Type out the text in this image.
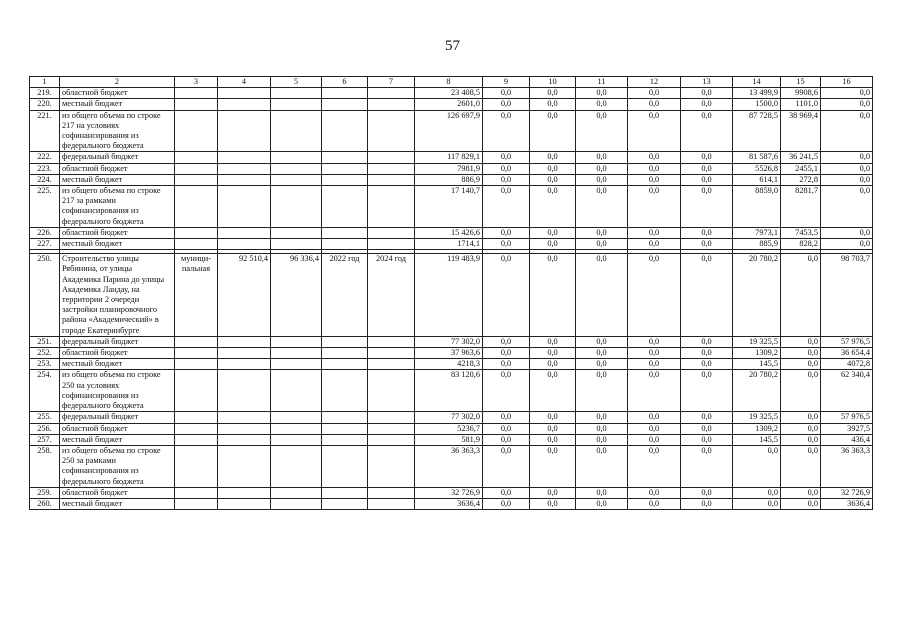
57
1	2	3	4	5	6	7	8	9	10	11	12	13	14	15	16
219.	областной бюджет						23 408,5	0,0	0,0	0,0	0,0	0,0	13 499,9	9908,6	0,0
220.	местный бюджет						2601,0	0,0	0,0	0,0	0,0	0,0	1500,0	1101,0	0,0
221.	из общего объема по строке 217 на условиях софинансирования из федерального бюджета						126 697,9	0,0	0,0	0,0	0,0	0,0	87 728,5	38 969,4	0,0
222.	федеральный бюджет						117 829,1	0,0	0,0	0,0	0,0	0,0	81 587,6	36 241,5	0,0
223.	областной бюджет						7981,9	0,0	0,0	0,0	0,0	0,0	5526,8	2455,1	0,0
224.	местный бюджет						886,9	0,0	0,0	0,0	0,0	0,0	614,1	272,8	0,0
225.	из общего объема по строке 217 за рамками софинансирования из федерального бюджета						17 140,7	0,0	0,0	0,0	0,0	0,0	8859,0	8281,7	0,0
226.	областной бюджет						15 426,6	0,0	0,0	0,0	0,0	0,0	7973,1	7453,5	0,0
227.	местный бюджет						1714,1	0,0	0,0	0,0	0,0	0,0	885,9	828,2	0,0

250.	Строительство улицы Рябинина, от улицы Академика Парина до улицы Академика Ландау, на территории 2 очереди застройки планировочного района «Академический» в городе Екатеринбурге	муници-пальная	92 510,4	96 336,4	2022 год	2024 год	119 483,9	0,0	0,0	0,0	0,0	0,0	20 780,2	0,0	98 703,7
251.	федеральный бюджет						77 302,0	0,0	0,0	0,0	0,0	0,0	19 325,5	0,0	57 976,5
252.	областной бюджет						37 963,6	0,0	0,0	0,0	0,0	0,0	1309,2	0,0	36 654,4
253.	местный бюджет						4218,3	0,0	0,0	0,0	0,0	0,0	145,5	0,0	4072,8
254.	из общего объема по строке 250 на условиях софинансирования из федерального бюджета						83 120,6	0,0	0,0	0,0	0,0	0,0	20 780,2	0,0	62 340,4
255.	федеральный бюджет						77 302,0	0,0	0,0	0,0	0,0	0,0	19 325,5	0,0	57 976,5
256.	областной бюджет						5236,7	0,0	0,0	0,0	0,0	0,0	1309,2	0,0	3927,5
257.	местный бюджет						581,9	0,0	0,0	0,0	0,0	0,0	145,5	0,0	436,4
258.	из общего объема по строке 250 за рамками софинансирования из федерального бюджета						36 363,3	0,0	0,0	0,0	0,0	0,0	0,0	0,0	36 363,3
259.	областной бюджет						32 726,9	0,0	0,0	0,0	0,0	0,0	0,0	0,0	32 726,9
260.	местный бюджет						3636,4	0,0	0,0	0,0	0,0	0,0	0,0	0,0	3636,4
